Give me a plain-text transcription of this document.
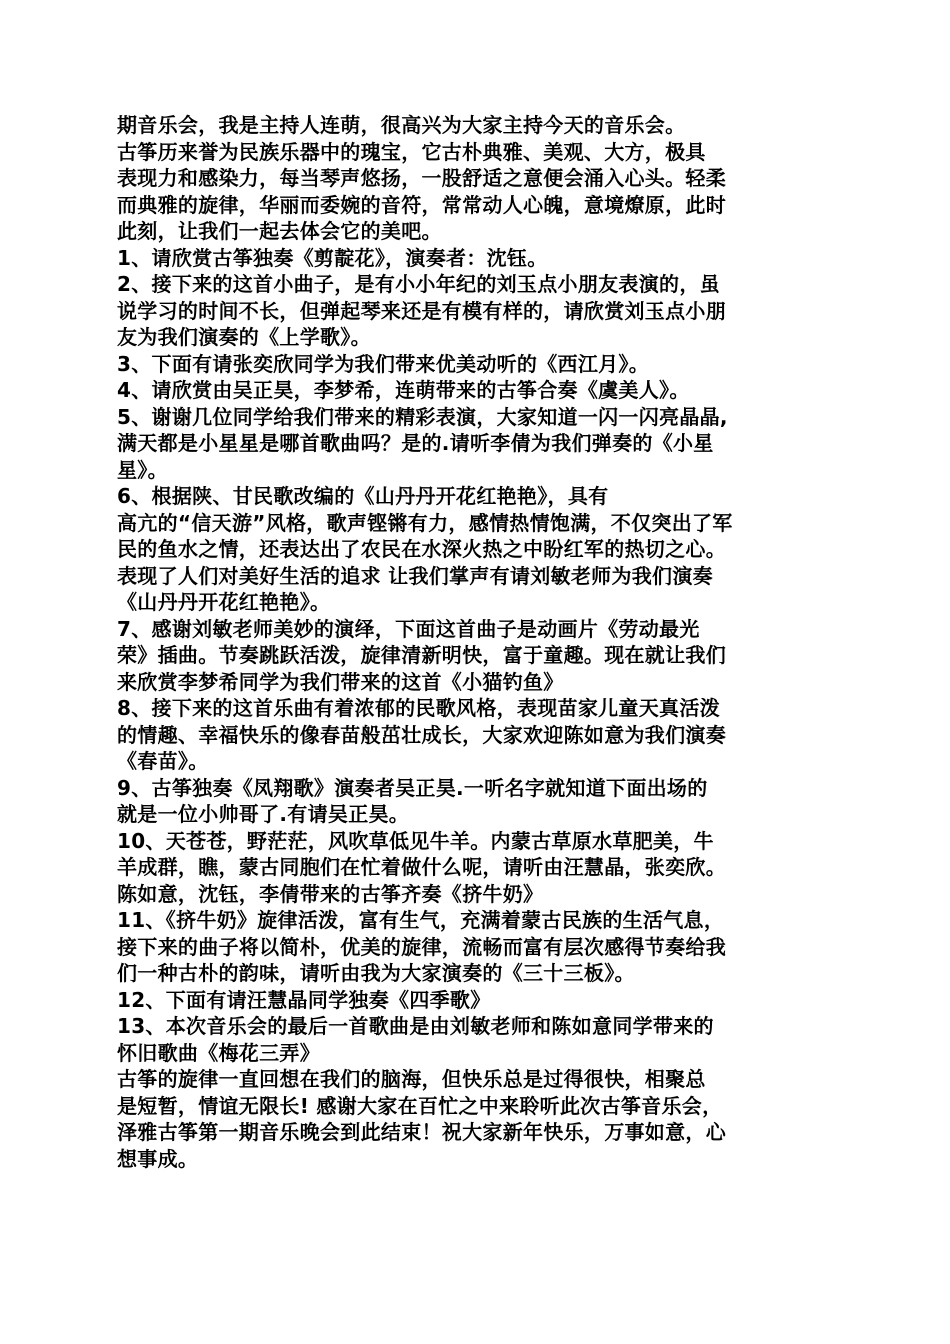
期音乐会，我是主持人连萌，很高兴为大家主持今天的音乐会。
古筝历来誉为民族乐器中的瑰宝，它古朴典雅、美观、大方，极具
表现力和感染力，每当琴声悠扬，一股舒适之意便会涌入心头。轻柔
而典雅的旋律，华丽而委婉的音符，常常动人心魄，意境燎原，此时
此刻，让我们一起去体会它的美吧。
1、请欣赏古筝独奏《剪靛花》，演奏者：沈钰。
2、接下来的这首小曲子，是有小小年纪的刘玉点小朋友表演的，虽
说学习的时间不长，但弹起琴来还是有模有样的，请欣赏刘玉点小朋
友为我们演奏的《上学歌》。
3、下面有请张奕欣同学为我们带来优美动听的《西江月》。
4、请欣赏由吴正昊，李梦希，连萌带来的古筝合奏《虞美人》。
5、谢谢几位同学给我们带来的精彩表演，大家知道一闪一闪亮晶晶,
满天都是小星星是哪首歌曲吗？是的.请听李倩为我们弹奏的《小星
星》。
6、根据陕、甘民歌改编的《山丹丹开花红艳艳》，具有
高亢的“信天游”风格，歌声铿锵有力，感情热情饱满，不仅突出了军
民的鱼水之情，还表达出了农民在水深火热之中盼红军的热切之心。
表现了人们对美好生活的追求 让我们掌声有请刘敏老师为我们演奏
《山丹丹开花红艳艳》。
7、感谢刘敏老师美妙的演绎，下面这首曲子是动画片《劳动最光
荣》插曲。节奏跳跃活泼，旋律清新明快，富于童趣。现在就让我们
来欣赏李梦希同学为我们带来的这首《小猫钓鱼》
8、接下来的这首乐曲有着浓郁的民歌风格，表现苗家儿童天真活泼
的情趣、幸福快乐的像春苗般茁壮成长，大家欢迎陈如意为我们演奏
《春苗》。
9、古筝独奏《凤翔歌》演奏者吴正昊.一听名字就知道下面出场的
就是一位小帅哥了.有请吴正昊。
10、天苍苍，野茫茫，风吹草低见牛羊。内蒙古草原水草肥美，牛
羊成群，瞧，蒙古同胞们在忙着做什么呢，请听由汪慧晶，张奕欣。
陈如意，沈钰，李倩带来的古筝齐奏《挤牛奶》
11、《挤牛奶》旋律活泼，富有生气，充满着蒙古民族的生活气息，
接下来的曲子将以简朴，优美的旋律，流畅而富有层次感得节奏给我
们一种古朴的韵味，请听由我为大家演奏的《三十三板》。
12、下面有请汪慧晶同学独奏《四季歌》
13、本次音乐会的最后一首歌曲是由刘敏老师和陈如意同学带来的
怀旧歌曲《梅花三弄》
古筝的旋律一直回想在我们的脑海，但快乐总是过得很快，相聚总
是短暂，情谊无限长! 感谢大家在百忙之中来聆听此次古筝音乐会，
泽雅古筝第一期音乐晚会到此结束！祝大家新年快乐，万事如意，心
想事成。
